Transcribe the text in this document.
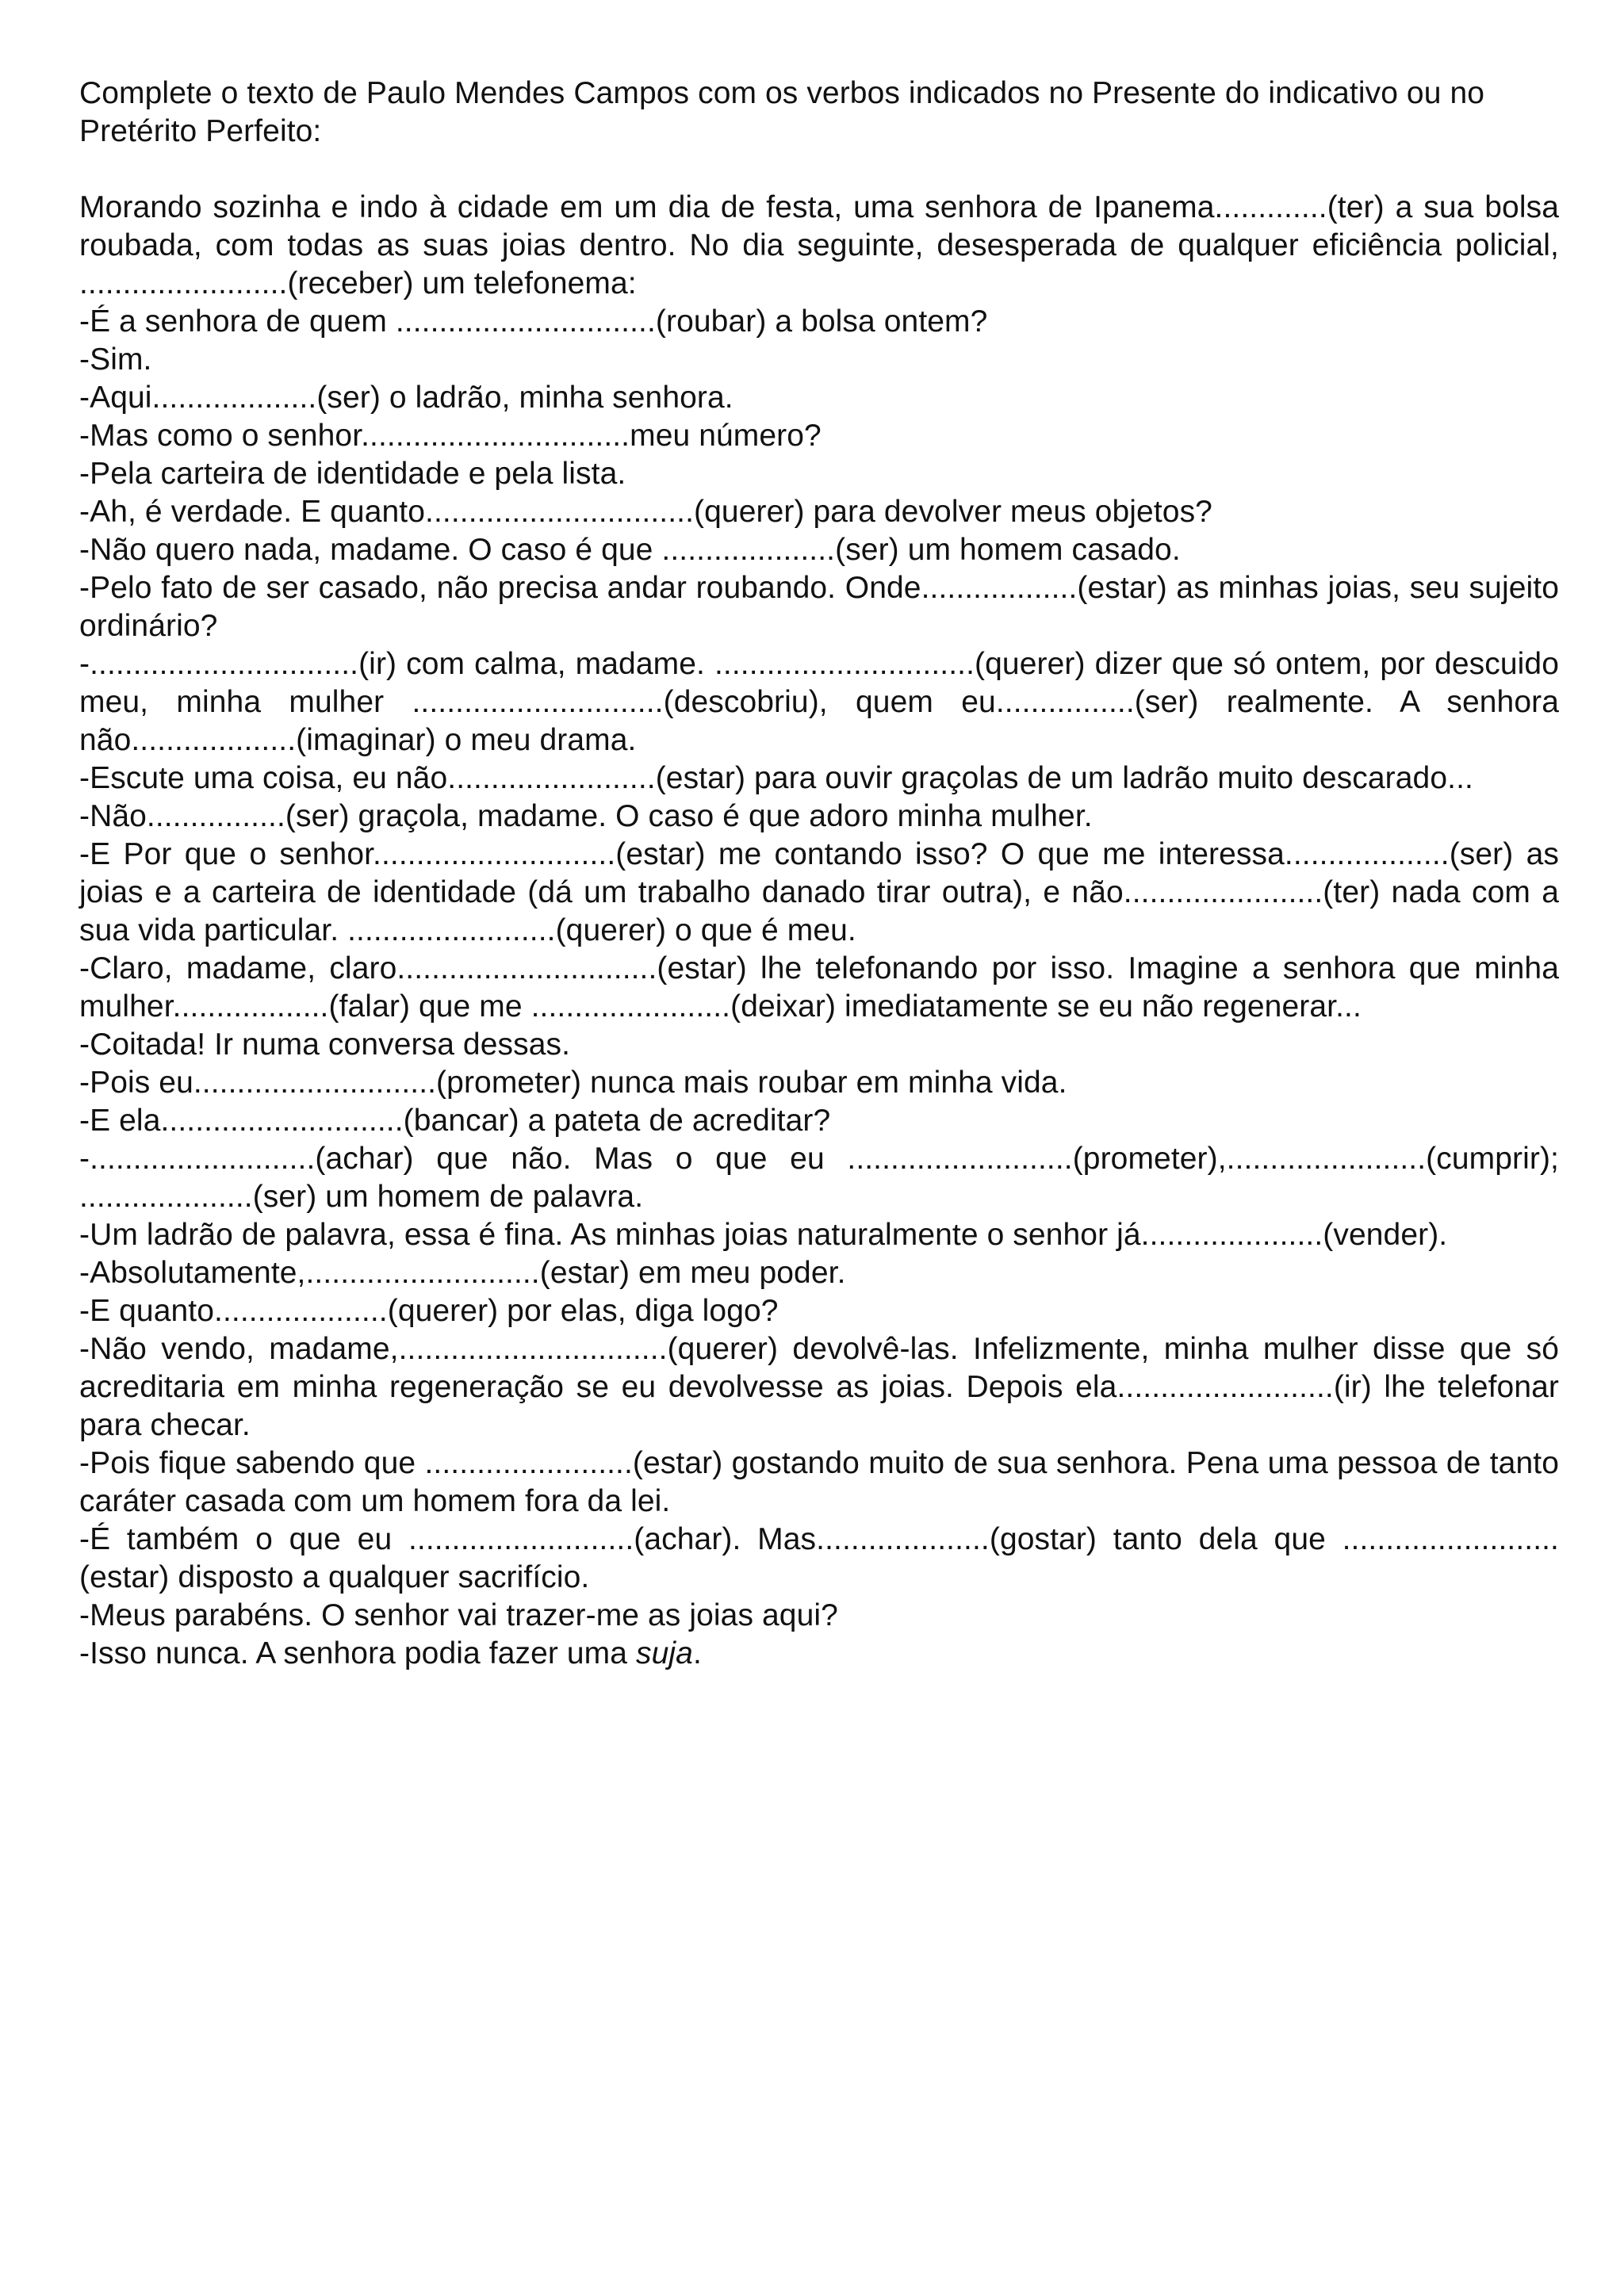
Complete o texto de Paulo Mendes Campos com os verbos indicados no Presente do indicativo ou no Pretérito Perfeito:

Morando sozinha e indo à cidade em um dia de festa, uma senhora de Ipanema.............(ter) a sua bolsa roubada, com todas as suas joias dentro. No dia seguinte, desesperada de qualquer eficiência policial, ........................(receber) um telefonema:

-É a senhora de quem ..............................(roubar) a bolsa ontem?

-Sim.

-Aqui...................(ser) o ladrão, minha senhora.

-Mas como o senhor...............................meu número?

-Pela carteira de identidade e pela lista.

-Ah, é verdade. E quanto...............................(querer) para devolver meus objetos?

-Não quero nada, madame. O caso é que ....................(ser) um homem casado.

-Pelo fato de ser casado, não precisa andar roubando. Onde..................(estar) as minhas joias, seu sujeito ordinário?

-...............................(ir) com calma, madame. ..............................(querer) dizer que só ontem, por descuido meu, minha mulher .............................(descobriu), quem eu................(ser) realmente. A senhora não...................(imaginar) o meu drama.

-Escute uma coisa, eu não........................(estar) para ouvir graçolas de um ladrão muito descarado...

-Não................(ser) graçola, madame. O caso é que adoro minha mulher.

-E Por que o senhor............................(estar) me contando isso? O que me interessa...................(ser) as joias e a carteira de identidade (dá um trabalho danado tirar outra), e não.......................(ter) nada com a sua vida particular. ........................(querer) o que é meu.

-Claro, madame, claro..............................(estar) lhe telefonando por isso. Imagine a senhora que minha mulher..................(falar) que me .......................(deixar) imediatamente se eu não regenerar...

-Coitada! Ir numa conversa dessas.

-Pois eu............................(prometer) nunca mais roubar em minha vida.

-E ela............................(bancar) a pateta de acreditar?

-..........................(achar) que não. Mas o que eu ..........................(prometer),.......................(cumprir); ....................(ser) um homem de palavra.

-Um ladrão de palavra, essa é fina. As minhas joias naturalmente o senhor já.....................(vender).

-Absolutamente,...........................(estar) em meu poder.

-E quanto....................(querer) por elas, diga logo?

-Não vendo, madame,...............................(querer) devolvê-las. Infelizmente, minha mulher disse que só acreditaria em minha regeneração se eu devolvesse as joias. Depois ela.........................(ir) lhe telefonar para checar.

-Pois fique sabendo que ........................(estar) gostando muito de sua senhora. Pena uma pessoa de tanto caráter casada com um homem fora da lei.

-É também o que eu ..........................(achar). Mas....................(gostar) tanto dela que ......................... (estar) disposto a qualquer sacrifício.

-Meus parabéns. O senhor vai trazer-me as joias aqui?

-Isso nunca. A senhora podia fazer uma suja.
